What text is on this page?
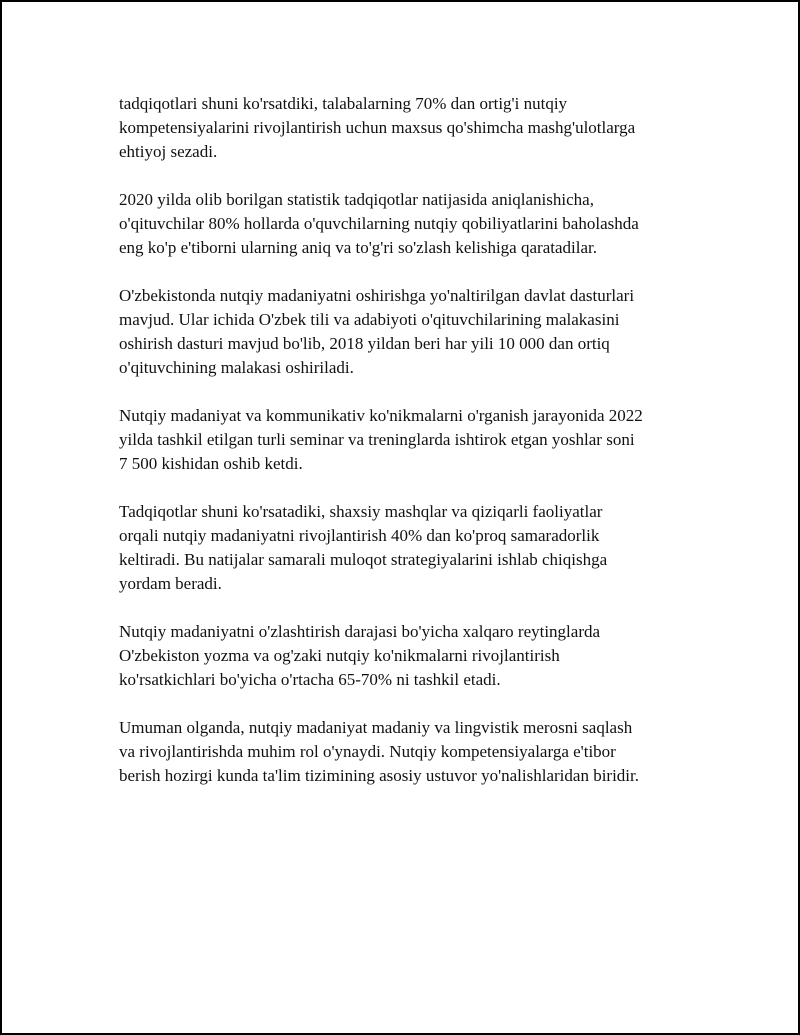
tadqiqotlari shuni ko'rsatdiki, talabalarning 70% dan ortig'i nutqiy
kompetensiyalarini rivojlantirish uchun maxsus qo'shimcha mashg'ulotlarga
ehtiyoj sezadi.

2020 yilda olib borilgan statistik tadqiqotlar natijasida aniqlanishicha,
o'qituvchilar 80% hollarda o'quvchilarning nutqiy qobiliyatlarini baholashda
eng ko'p e'tiborni ularning aniq va to'g'ri so'zlash kelishiga qaratadilar.

O'zbekistonda nutqiy madaniyatni oshirishga yo'naltirilgan davlat dasturlari
mavjud. Ular ichida O'zbek tili va adabiyoti o'qituvchilarining malakasini
oshirish dasturi mavjud bo'lib, 2018 yildan beri har yili 10 000 dan ortiq
o'qituvchining malakasi oshiriladi.

Nutqiy madaniyat va kommunikativ ko'nikmalarni o'rganish jarayonida 2022
yilda tashkil etilgan turli seminar va treninglarda ishtirok etgan yoshlar soni
7 500 kishidan oshib ketdi.

Tadqiqotlar shuni ko'rsatadiki, shaxsiy mashqlar va qiziqarli faoliyatlar
orqali nutqiy madaniyatni rivojlantirish 40% dan ko'proq samaradorlik
keltiradi. Bu natijalar samarali muloqot strategiyalarini ishlab chiqishga
yordam beradi.

Nutqiy madaniyatni o'zlashtirish darajasi bo'yicha xalqaro reytinglarda
O'zbekiston yozma va og'zaki nutqiy ko'nikmalarni rivojlantirish
ko'rsatkichlari bo'yicha o'rtacha 65-70% ni tashkil etadi.

Umuman olganda, nutqiy madaniyat madaniy va lingvistik merosni saqlash
va rivojlantirishda muhim rol o'ynaydi. Nutqiy kompetensiyalarga e'tibor
berish hozirgi kunda ta'lim tizimining asosiy ustuvor yo'nalishlaridan biridir.
